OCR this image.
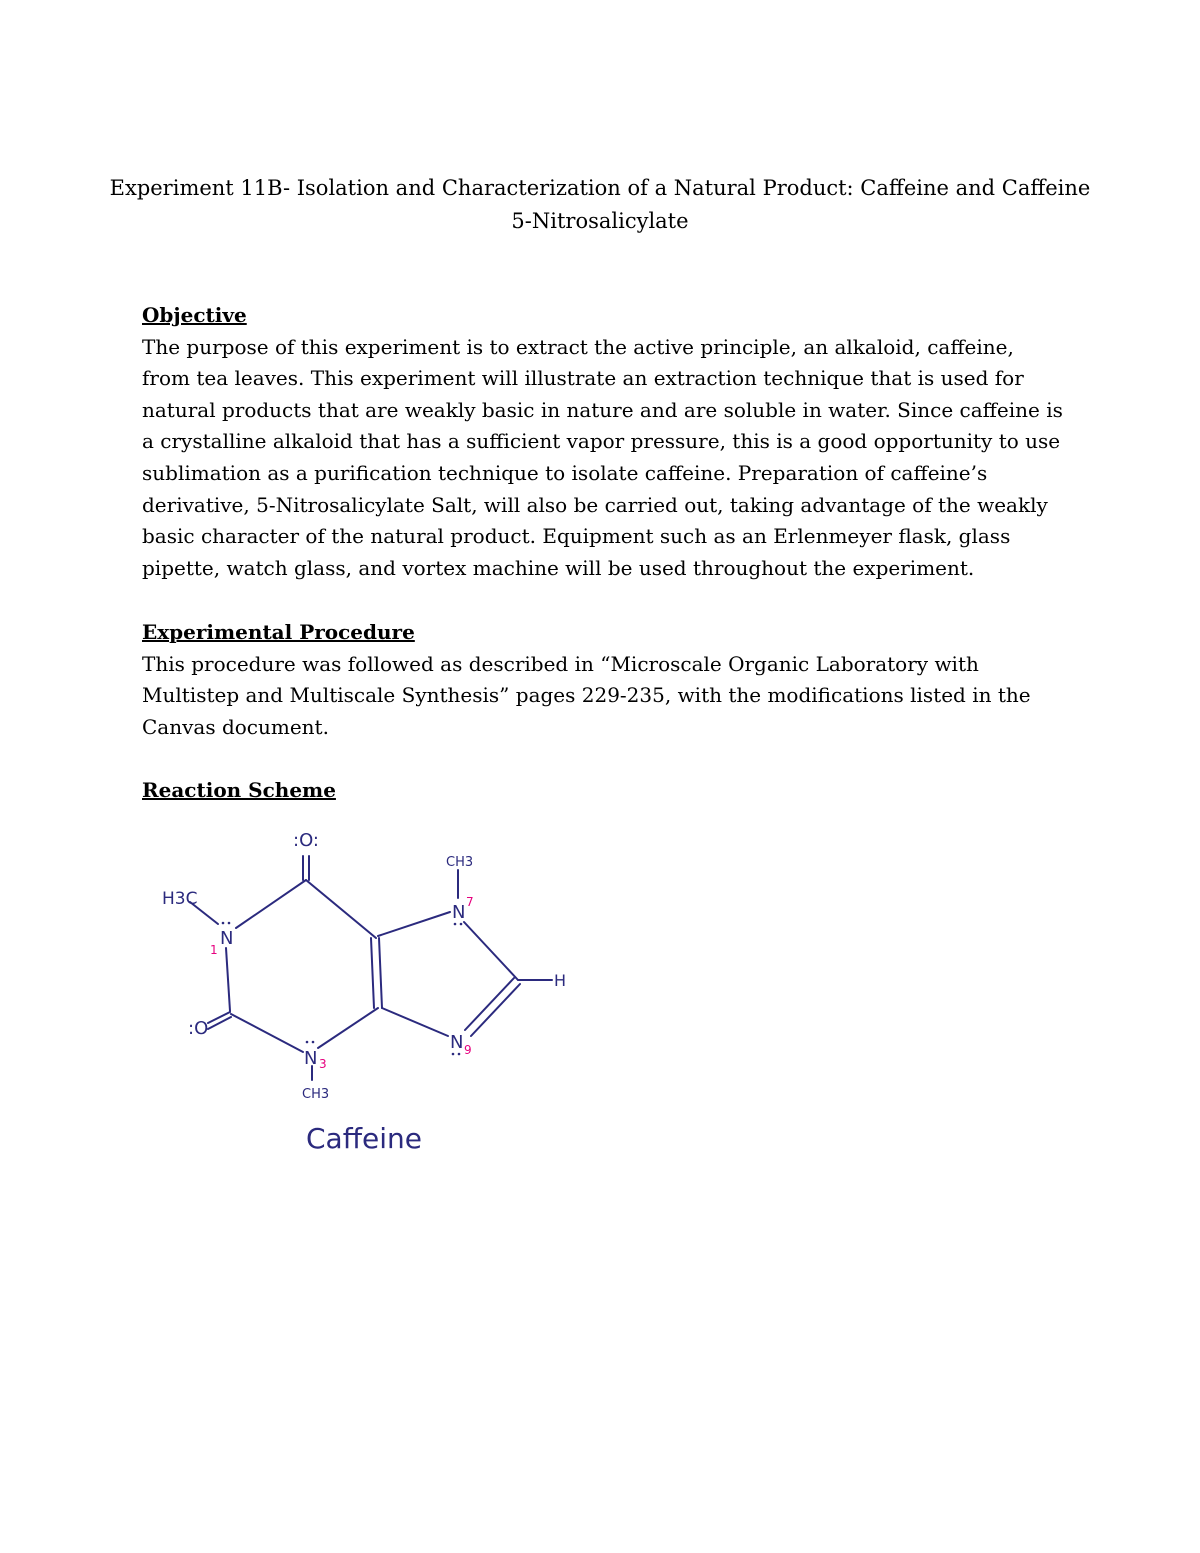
Experiment 11B- Isolation and Characterization of a Natural Product: Caffeine and Caffeine
5-Nitrosalicylate
Objective

The purpose of this experiment is to extract the active principle, an alkaloid, caffeine, from tea leaves. This experiment will illustrate an extraction technique that is used for natural products that are weakly basic in nature and are soluble in water. Since caffeine is a crystalline alkaloid that has a sufficient vapor pressure, this is a good opportunity to use sublimation as a purification technique to isolate caffeine. Preparation of caffeine’s derivative, 5-Nitrosalicylate Salt, will also be carried out, taking advantage of the weakly basic character of the natural product. Equipment such as an Erlenmeyer flask, glass pipette, watch glass, and vortex machine will be used throughout the experiment.

Experimental Procedure

This procedure was followed as described in “Microscale Organic Laboratory with Multistep and Multiscale Synthesis” pages 229-235, with the modifications listed in the Canvas document.

Reaction Scheme
:O:
H3C
N
1
:O
N 3
CH3
CH3
N 7
H
N 9
Caffeine
